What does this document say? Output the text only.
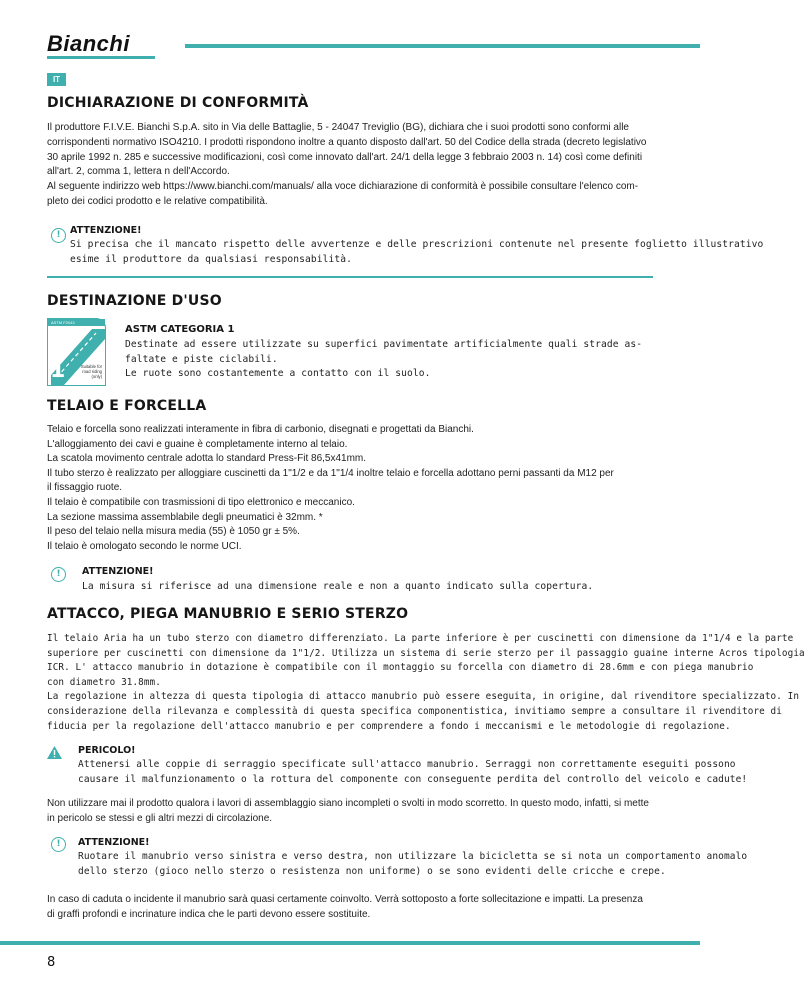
Bianchi
IT
DICHIARAZIONE DI CONFORMITÀ
Il produttore F.I.V.E. Bianchi S.p.A. sito in Via delle Battaglie, 5 - 24047 Treviglio (BG), dichiara che i suoi prodotti sono conformi alle
corrispondenti normativo ISO4210. I prodotti rispondono inoltre a quanto disposto dall'art. 50 del Codice della strada (decreto legislativo
30 aprile 1992 n. 285 e successive modificazioni, così come innovato dall'art. 24/1 della legge 3 febbraio 2003 n. 14) così come definiti
all'art. 2, comma 1, lettera n dell'Accordo.
Al seguente indirizzo web https://www.bianchi.com/manuals/ alla voce dichiarazione di conformità è possibile consultare l'elenco com-
pleto dei codici prodotto e le relative compatibilità.
! ATTENZIONE!
Si precisa che il mancato rispetto delle avvertenze e delle prescrizioni contenute nel presente foglietto illustrativo
esime il produttore da qualsiasi responsabilità.
DESTINAZIONE D'USO
ASTM F2043
1	Suitable for
road riding
(only)
ASTM CATEGORIA 1
Destinate ad essere utilizzate su superfici pavimentate artificialmente quali strade as-
faltate e piste ciclabili.
Le ruote sono costantemente a contatto con il suolo.
TELAIO E FORCELLA
Telaio e forcella sono realizzati interamente in fibra di carbonio, disegnati e progettati da Bianchi.
L'alloggiamento dei cavi e guaine è completamente interno al telaio.
La scatola movimento centrale adotta lo standard Press-Fit 86,5x41mm.
Il tubo sterzo è realizzato per alloggiare cuscinetti da 1"1/2 e da 1"1/4 inoltre telaio e forcella adottano perni passanti da M12 per
il fissaggio ruote.
Il telaio è compatibile con trasmissioni di tipo elettronico e meccanico.
La sezione massima assemblabile degli pneumatici è 32mm. *
Il peso del telaio nella misura media (55) è 1050 gr ± 5%.
Il telaio è omologato secondo le norme UCI.
!	ATTENZIONE!
La misura si riferisce ad una dimensione reale e non a quanto indicato sulla copertura.
ATTACCO, PIEGA MANUBRIO E SERIO STERZO
Il telaio Aria ha un tubo sterzo con diametro differenziato. La parte inferiore è per cuscinetti con dimensione da 1"1/4 e la parte
superiore per cuscinetti con dimensione da 1"1/2. Utilizza un sistema di serie sterzo per il passaggio guaine interne Acros tipologia
ICR. L' attacco manubrio in dotazione è compatibile con il montaggio su forcella con diametro di 28.6mm e con piega manubrio
con diametro 31.8mm.
La regolazione in altezza di questa tipologia di attacco manubrio può essere eseguita, in origine, dal rivenditore specializzato. In
considerazione della rilevanza e complessità di questa specifica componentistica, invitiamo sempre a consultare il rivenditore di
fiducia per la regolazione dell'attacco manubrio e per comprendere a fondo i meccanismi e le metodologie di regolazione.
PERICOLO!
Attenersi alle coppie di serraggio specificate sull'attacco manubrio. Serraggi non correttamente eseguiti possono
causare il malfunzionamento o la rottura del componente con conseguente perdita del controllo del veicolo e cadute!
Non utilizzare mai il prodotto qualora i lavori di assemblaggio siano incompleti o svolti in modo scorretto. In questo modo, infatti, si mette
in pericolo se stessi e gli altri mezzi di circolazione.
!	ATTENZIONE!
Ruotare il manubrio verso sinistra e verso destra, non utilizzare la bicicletta se si nota un comportamento anomalo
dello sterzo (gioco nello sterzo o resistenza non uniforme) o se sono evidenti delle cricche e crepe.
In caso di caduta o incidente il manubrio sarà quasi certamente coinvolto. Verrà sottoposto a forte sollecitazione e impatti. La presenza
di graffi profondi e incrinature indica che le parti devono essere sostituite.
8
